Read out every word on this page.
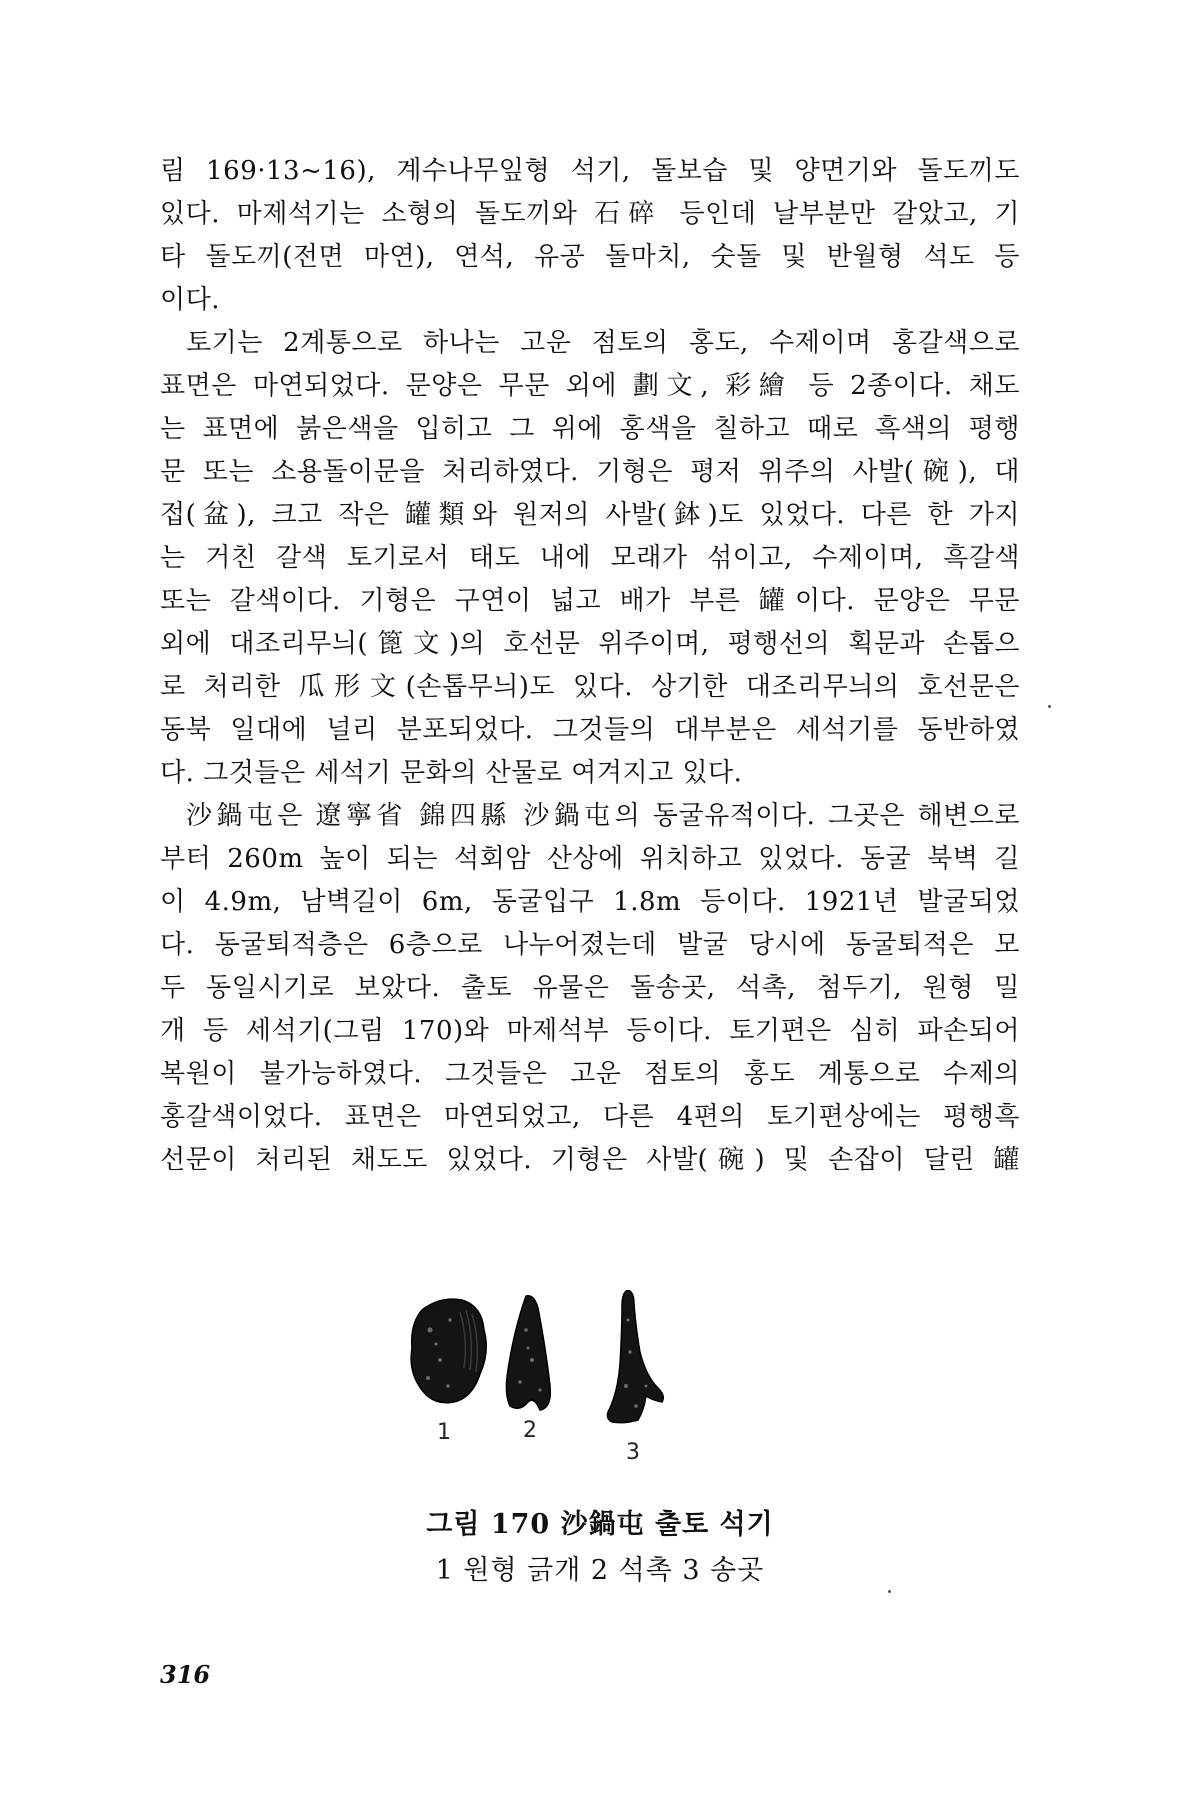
림 169·13~16), 계수나무잎형 석기, 돌보습 및 양면기와 돌도끼도
있다. 마제석기는 소형의 돌도끼와 石碎 등인데 날부분만 갈았고, 기
타 돌도끼(전면 마연), 연석, 유공 돌마치, 숫돌 및 반월형 석도 등
이다.
토기는 2계통으로 하나는 고운 점토의 홍도, 수제이며 홍갈색으로
표면은 마연되었다. 문양은 무문 외에 劃文, 彩繪 등 2종이다. 채도
는 표면에 붉은색을 입히고 그 위에 홍색을 칠하고 때로 흑색의 평행
문 또는 소용돌이문을 처리하였다. 기형은 평저 위주의 사발(碗), 대
접(盆), 크고 작은 罐類와 원저의 사발(鉢)도 있었다. 다른 한 가지
는 거친 갈색 토기로서 태도 내에 모래가 섞이고, 수제이며, 흑갈색
또는 갈색이다. 기형은 구연이 넓고 배가 부른 罐이다. 문양은 무문
외에 대조리무늬(篦文)의 호선문 위주이며, 평행선의 획문과 손톱으
로 처리한 瓜形文(손톱무늬)도 있다. 상기한 대조리무늬의 호선문은
동북 일대에 널리 분포되었다. 그것들의 대부분은 세석기를 동반하였
다. 그것들은 세석기 문화의 산물로 여겨지고 있다.
沙鍋屯은 遼寧省 錦四縣 沙鍋屯의 동굴유적이다. 그곳은 해변으로
부터 260m 높이 되는 석회암 산상에 위치하고 있었다. 동굴 북벽 길
이 4.9m, 남벽길이 6m, 동굴입구 1.8m 등이다. 1921년 발굴되었
다. 동굴퇴적층은 6층으로 나누어졌는데 발굴 당시에 동굴퇴적은 모
두 동일시기로 보았다. 출토 유물은 돌송곳, 석촉, 첨두기, 원형 밀
개 등 세석기(그림 170)와 마제석부 등이다. 토기편은 심히 파손되어
복원이 불가능하였다. 그것들은 고운 점토의 홍도 계통으로 수제의
홍갈색이었다. 표면은 마연되었고, 다른 4편의 토기편상에는 평행흑
선문이 처리된 채도도 있었다. 기형은 사발(碗) 및 손잡이 달린 罐
1	2
3
그림 170 沙鍋屯 출토 석기
1 원형 긁개 2 석촉 3 송곳
316
